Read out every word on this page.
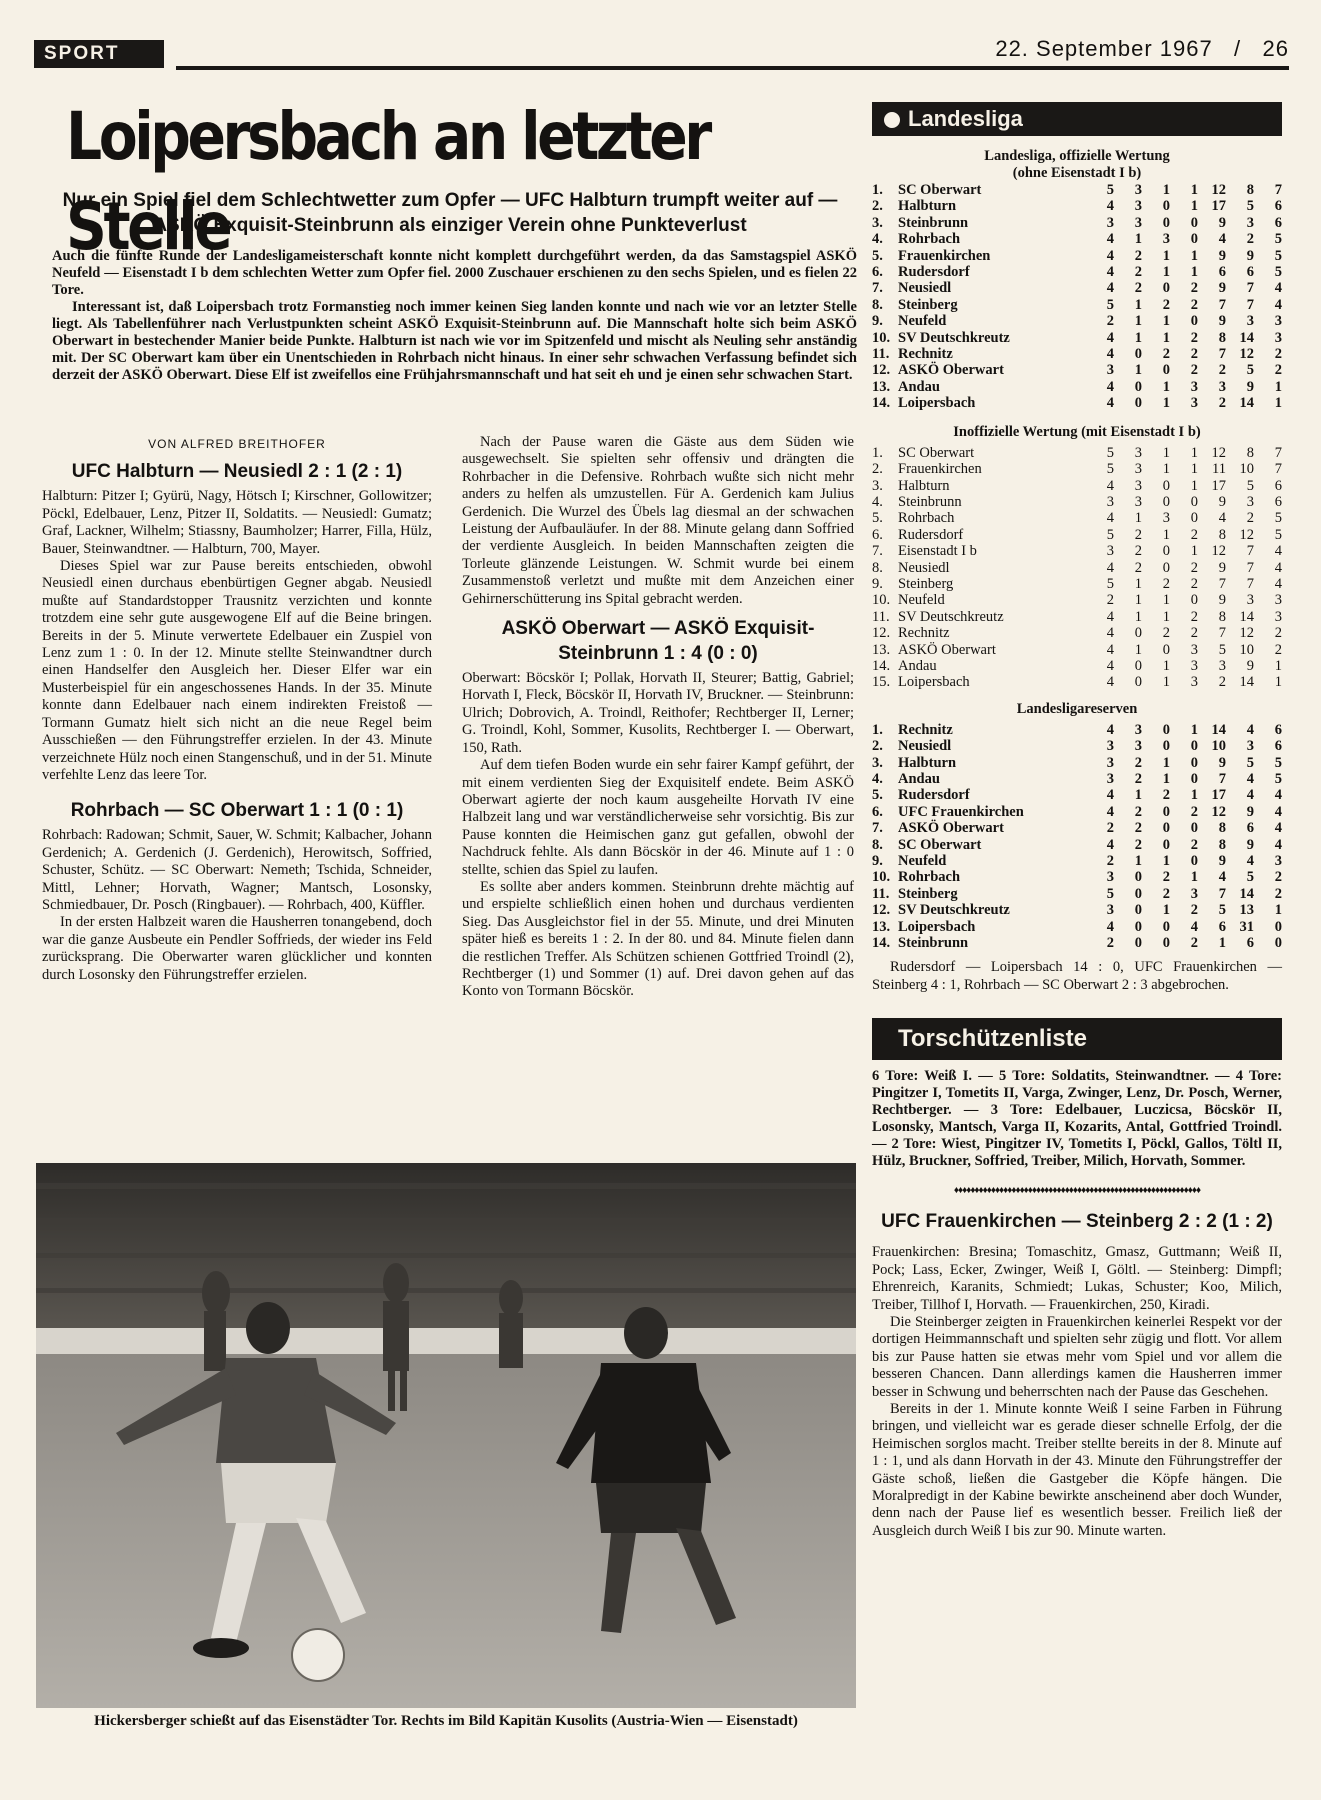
SPORT	22. September 1967 / 26
Loipersbach an letzter Stelle
Nur ein Spiel fiel dem Schlechtwetter zum Opfer — UFC Halbturn trumpft weiter auf — ASKÖ Exquisit-Steinbrunn als einziger Verein ohne Punkteverlust

Auch die fünfte Runde der Landesligameisterschaft konnte nicht komplett durchgeführt werden, da das Samstagspiel ASKÖ Neufeld — Eisenstadt I b dem schlechten Wetter zum Opfer fiel. 2000 Zuschauer erschienen zu den sechs Spielen, und es fielen 22 Tore.

Interessant ist, daß Loipersbach trotz Formanstieg noch immer keinen Sieg landen konnte und nach wie vor an letzter Stelle liegt. Als Tabellenführer nach Verlustpunkten scheint ASKÖ Exquisit-Steinbrunn auf. Die Mannschaft holte sich beim ASKÖ Oberwart in bestechender Manier beide Punkte. Halbturn ist nach wie vor im Spitzenfeld und mischt als Neuling sehr anständig mit. Der SC Oberwart kam über ein Unentschieden in Rohrbach nicht hinaus. In einer sehr schwachen Verfassung befindet sich derzeit der ASKÖ Oberwart. Diese Elf ist zweifellos eine Frühjahrsmannschaft und hat seit eh und je einen sehr schwachen Start.

VON ALFRED BREITHOFER

UFC Halbturn — Neusiedl 2 : 1 (2 : 1)

Halbturn: Pitzer I; Gyürü, Nagy, Hötsch I; Kirschner, Gollowitzer; Pöckl, Edelbauer, Lenz, Pitzer II, Soldatits. — Neusiedl: Gumatz; Graf, Lackner, Wilhelm; Stiassny, Baumholzer; Harrer, Filla, Hülz, Bauer, Steinwandtner. — Halbturn, 700, Mayer.

Dieses Spiel war zur Pause bereits entschieden, obwohl Neusiedl einen durchaus ebenbürtigen Gegner abgab. Neusiedl mußte auf Standardstopper Trausnitz verzichten und konnte trotzdem eine sehr gute ausgewogene Elf auf die Beine bringen. Bereits in der 5. Minute verwertete Edelbauer ein Zuspiel von Lenz zum 1 : 0. In der 12. Minute stellte Steinwandtner durch einen Handselfer den Ausgleich her. Dieser Elfer war ein Musterbeispiel für ein angeschossenes Hands. In der 35. Minute konnte dann Edelbauer nach einem indirekten Freistoß — Tormann Gumatz hielt sich nicht an die neue Regel beim Ausschießen — den Führungstreffer erzielen. In der 43. Minute verzeichnete Hülz noch einen Stangenschuß, und in der 51. Minute verfehlte Lenz das leere Tor.

Rohrbach — SC Oberwart 1 : 1 (0 : 1)

Rohrbach: Radowan; Schmit, Sauer, W. Schmit; Kalbacher, Johann Gerdenich; A. Gerdenich (J. Gerdenich), Herowitsch, Soffried, Schuster, Schütz. — SC Oberwart: Nemeth; Tschida, Schneider, Mittl, Lehner; Horvath, Wagner; Mantsch, Losonsky, Schmiedbauer, Dr. Posch (Ringbauer). — Rohrbach, 400, Küffler.

In der ersten Halbzeit waren die Hausherren tonangebend, doch war die ganze Ausbeute ein Pendler Soffrieds, der wieder ins Feld zurücksprang. Die Oberwarter waren glücklicher und konnten durch Losonsky den Führungstreffer erzielen.

Nach der Pause waren die Gäste aus dem Süden wie ausgewechselt. Sie spielten sehr offensiv und drängten die Rohrbacher in die Defensive. Rohrbach wußte sich nicht mehr anders zu helfen als umzustellen. Für A. Gerdenich kam Julius Gerdenich. Die Wurzel des Übels lag diesmal an der schwachen Leistung der Aufbauläufer. In der 88. Minute gelang dann Soffried der verdiente Ausgleich. In beiden Mannschaften zeigten die Torleute glänzende Leistungen. W. Schmit wurde bei einem Zusammenstoß verletzt und mußte mit dem Anzeichen einer Gehirnerschütterung ins Spital gebracht werden.

ASKÖ Oberwart — ASKÖ Exquisit-Steinbrunn 1 : 4 (0 : 0)

Oberwart: Böcskör I; Pollak, Horvath II, Steurer; Battig, Gabriel; Horvath I, Fleck, Böcskör II, Horvath IV, Bruckner. — Steinbrunn: Ulrich; Dobrovich, A. Troindl, Reithofer; Rechtberger II, Lerner; G. Troindl, Kohl, Sommer, Kusolits, Rechtberger I. — Oberwart, 150, Rath.

Auf dem tiefen Boden wurde ein sehr fairer Kampf geführt, der mit einem verdienten Sieg der Exquisitelf endete. Beim ASKÖ Oberwart agierte der noch kaum ausgeheilte Horvath IV eine Halbzeit lang und war verständlicherweise sehr vorsichtig. Bis zur Pause konnten die Heimischen ganz gut gefallen, obwohl der Nachdruck fehlte. Als dann Böcskör in der 46. Minute auf 1 : 0 stellte, schien das Spiel zu laufen.

Es sollte aber anders kommen. Steinbrunn drehte mächtig auf und erspielte schließlich einen hohen und durchaus verdienten Sieg. Das Ausgleichstor fiel in der 55. Minute, und drei Minuten später hieß es bereits 1 : 2. In der 80. und 84. Minute fielen dann die restlichen Treffer. Als Schützen schienen Gottfried Troindl (2), Rechtberger (1) und Sommer (1) auf. Drei davon gehen auf das Konto von Tormann Böcskör.

Hickersberger schießt auf das Eisenstädter Tor. Rechts im Bild Kapitän Kusolits (Austria-Wien — Eisenstadt)
Landesliga
Landesliga, offizielle Wertung
(ohne Eisenstadt I b)
1.	SC Oberwart	5	3	1	1	12	8	7
2.	Halbturn	4	3	0	1	17	5	6
3.	Steinbrunn	3	3	0	0	9	3	6
4.	Rohrbach	4	1	3	0	4	2	5
5.	Frauenkirchen	4	2	1	1	9	9	5
6.	Rudersdorf	4	2	1	1	6	6	5
7.	Neusiedl	4	2	0	2	9	7	4
8.	Steinberg	5	1	2	2	7	7	4
9.	Neufeld	2	1	1	0	9	3	3
10.	SV Deutschkreutz	4	1	1	2	8	14	3
11.	Rechnitz	4	0	2	2	7	12	2
12.	ASKÖ Oberwart	3	1	0	2	2	5	2
13.	Andau	4	0	1	3	3	9	1
14.	Loipersbach	4	0	1	3	2	14	1
Inoffizielle Wertung (mit Eisenstadt I b)
1.	SC Oberwart	5	3	1	1	12	8	7
2.	Frauenkirchen	5	3	1	1	11	10	7
3.	Halbturn	4	3	0	1	17	5	6
4.	Steinbrunn	3	3	0	0	9	3	6
5.	Rohrbach	4	1	3	0	4	2	5
6.	Rudersdorf	5	2	1	2	8	12	5
7.	Eisenstadt I b	3	2	0	1	12	7	4
8.	Neusiedl	4	2	0	2	9	7	4
9.	Steinberg	5	1	2	2	7	7	4
10.	Neufeld	2	1	1	0	9	3	3
11.	SV Deutschkreutz	4	1	1	2	8	14	3
12.	Rechnitz	4	0	2	2	7	12	2
13.	ASKÖ Oberwart	4	1	0	3	5	10	2
14.	Andau	4	0	1	3	3	9	1
15.	Loipersbach	4	0	1	3	2	14	1
Landesligareserven
1.	Rechnitz	4	3	0	1	14	4	6
2.	Neusiedl	3	3	0	0	10	3	6
3.	Halbturn	3	2	1	0	9	5	5
4.	Andau	3	2	1	0	7	4	5
5.	Rudersdorf	4	1	2	1	17	4	4
6.	UFC Frauenkirchen	4	2	0	2	12	9	4
7.	ASKÖ Oberwart	2	2	0	0	8	6	4
8.	SC Oberwart	4	2	0	2	8	9	4
9.	Neufeld	2	1	1	0	9	4	3
10.	Rohrbach	3	0	2	1	4	5	2
11.	Steinberg	5	0	2	3	7	14	2
12.	SV Deutschkreutz	3	0	1	2	5	13	1
13.	Loipersbach	4	0	0	4	6	31	0
14.	Steinbrunn	2	0	0	2	1	6	0

Rudersdorf — Loipersbach 14 : 0, UFC Frauenkirchen — Steinberg 4 : 1, Rohrbach — SC Oberwart 2 : 3 abgebrochen.

Torschützenliste

6 Tore: Weiß I. — 5 Tore: Soldatits, Steinwandtner. — 4 Tore: Pingitzer I, Tometits II, Varga, Zwinger, Lenz, Dr. Posch, Werner, Rechtberger. — 3 Tore: Edelbauer, Luczicsa, Böcskör II, Losonsky, Mantsch, Varga II, Kozarits, Antal, Gottfried Troindl. — 2 Tore: Wiest, Pingitzer IV, Tometits I, Pöckl, Gallos, Töltl II, Hülz, Bruckner, Soffried, Treiber, Milich, Horvath, Sommer.

♦♦♦♦♦♦♦♦♦♦♦♦♦♦♦♦♦♦♦♦♦♦♦♦♦♦♦♦♦♦♦♦♦♦♦♦♦♦♦♦♦♦♦♦♦♦♦♦♦♦♦♦♦♦♦♦♦♦♦♦
UFC Frauenkirchen — Steinberg 2 : 2 (1 : 2)

Frauenkirchen: Bresina; Tomaschitz, Gmasz, Guttmann; Weiß II, Pock; Lass, Ecker, Zwinger, Weiß I, Göltl. — Steinberg: Dimpfl; Ehrenreich, Karanits, Schmiedt; Lukas, Schuster; Koo, Milich, Treiber, Tillhof I, Horvath. — Frauenkirchen, 250, Kiradi.

Die Steinberger zeigten in Frauenkirchen keinerlei Respekt vor der dortigen Heimmannschaft und spielten sehr zügig und flott. Vor allem bis zur Pause hatten sie etwas mehr vom Spiel und vor allem die besseren Chancen. Dann allerdings kamen die Hausherren immer besser in Schwung und beherrschten nach der Pause das Geschehen.

Bereits in der 1. Minute konnte Weiß I seine Farben in Führung bringen, und vielleicht war es gerade dieser schnelle Erfolg, der die Heimischen sorglos macht. Treiber stellte bereits in der 8. Minute auf 1 : 1, und als dann Horvath in der 43. Minute den Führungstreffer der Gäste schoß, ließen die Gastgeber die Köpfe hängen. Die Moralpredigt in der Kabine bewirkte anscheinend aber doch Wunder, denn nach der Pause lief es wesentlich besser. Freilich ließ der Ausgleich durch Weiß I bis zur 90. Minute warten.
